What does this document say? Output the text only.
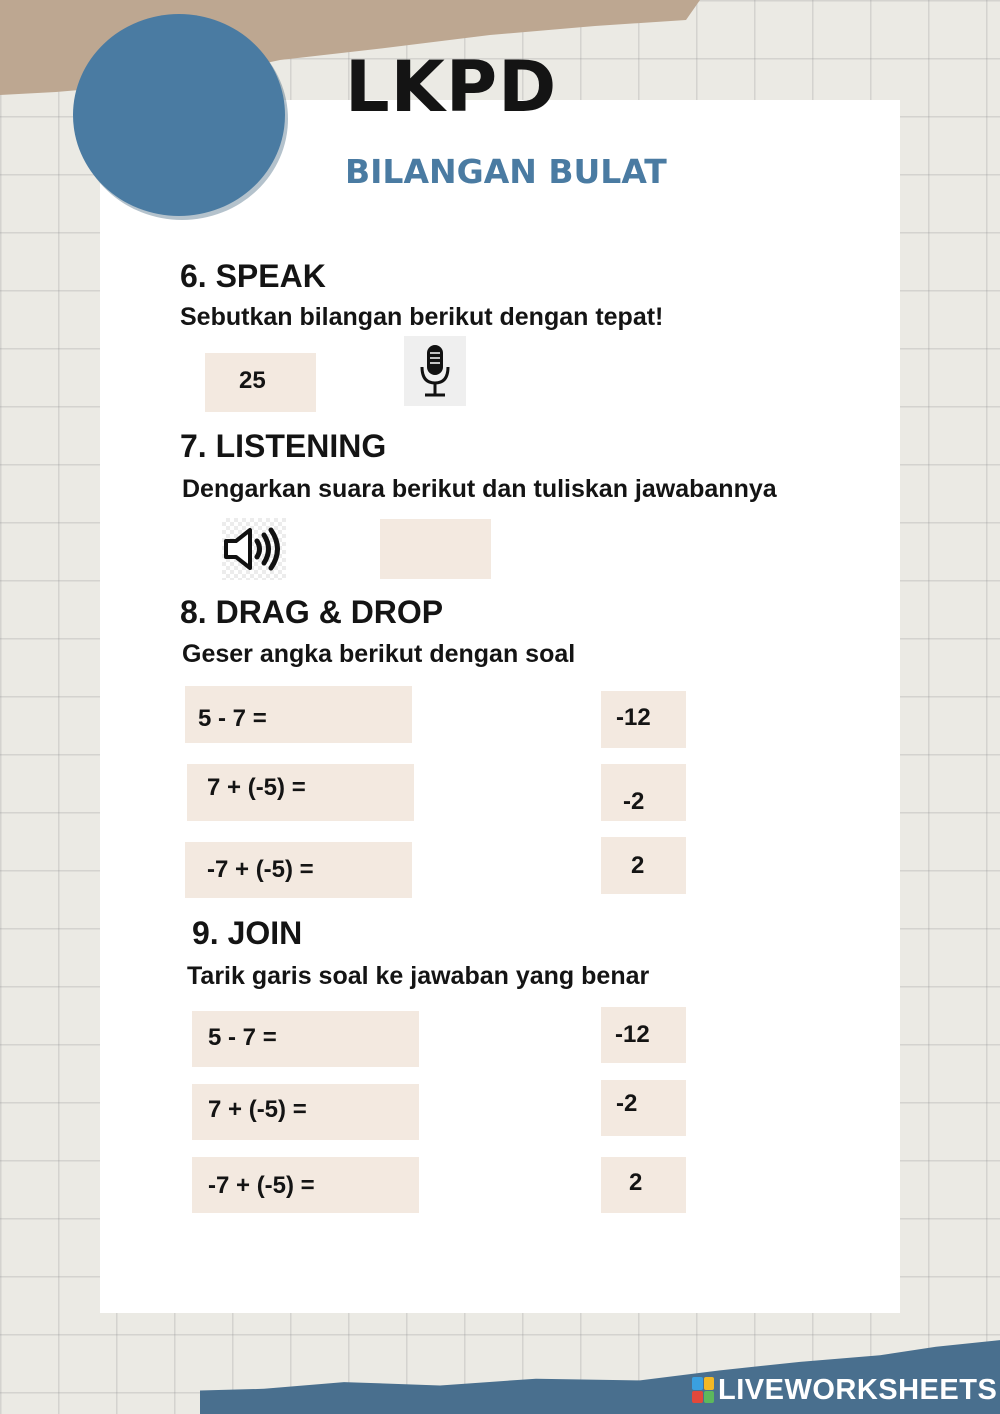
LKPD
BILANGAN BULAT
6. SPEAK

Sebutkan bilangan berikut dengan tepat!

25
7. LISTENING

Dengarkan suara berikut dan tuliskan jawabannya

8. DRAG & DROP

Geser angka berikut dengan soal

5 - 7 =
7 + (-5) =
-7 + (-5) =
-12
-2
2
9. JOIN

Tarik garis soal ke jawaban yang benar

5 - 7 =
7 + (-5) =
-7 + (-5) =
-12
-2
2
LIVEWORKSHEETS
